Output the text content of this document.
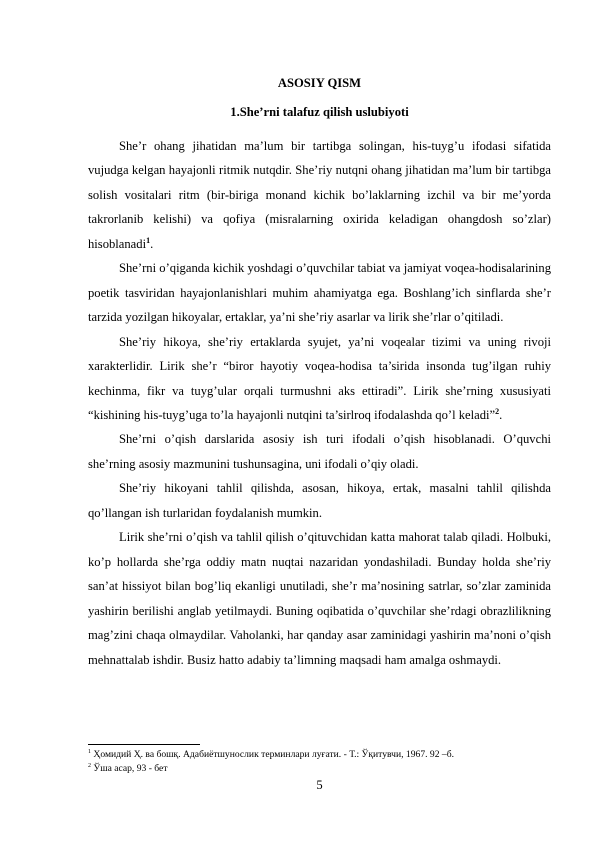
ASOSIY QISM
1.She’rni talafuz qilish uslubiyoti

She’r ohang jihatidan ma’lum bir tartibga solingan, his-tuyg’u ifodasi sifatida vujudga kelgan hayajonli ritmik nutqdir. She’riy nutqni ohang jihatidan ma’lum bir tartibga solish vositalari ritm (bir-biriga monand kichik bo’laklarning izchil va bir me’yorda takrorlanib kelishi) va qofiya (misralarning oxirida keladigan ohangdosh so’zlar) hisoblanadi$^1$.

She’rni o’qiganda kichik yoshdagi o’quvchilar tabiat va jamiyat voqea-hodisalarining poetik tasviridan hayajonlanishlari muhim ahamiyatga ega. Boshlang’ich sinflarda she’r tarzida yozilgan hikoyalar, ertaklar, ya’ni she’riy asarlar va lirik she’rlar o’qitiladi.

She’riy hikoya, she’riy ertaklarda syujet, ya’ni voqealar tizimi va uning rivoji xarakterlidir. Lirik she’r “biror hayotiy voqea-hodisa ta’sirida insonda tug’ilgan ruhiy kechinma, fikr va tuyg’ular orqali turmushni aks ettiradi”. Lirik she’rning xususiyati “kishining his-tuyg’uga to’la hayajonli nutqini ta’sirlroq ifodalashda qo’l keladi”$^2$.

She’rni o’qish darslarida asosiy ish turi ifodali o’qish hisoblanadi. O’quvchi she’rning asosiy mazmunini tushunsagina, uni ifodali o’qiy oladi.

She’riy hikoyani tahlil qilishda, asosan, hikoya, ertak, masalni tahlil qilishda qo’llangan ish turlaridan foydalanish mumkin.

Lirik she’rni o’qish va tahlil qilish o’qituvchidan katta mahorat talab qiladi. Holbuki, ko’p hollarda she’rga oddiy matn nuqtai nazaridan yondashiladi. Bunday holda she’riy san’at hissiyot bilan bog’liq ekanligi unutiladi, she’r ma’nosining satrlar, so’zlar zaminida yashirin berilishi anglab yetilmaydi. Buning oqibatida o’quvchilar she’rdagi obrazlilikning mag’zini chaqa olmaydilar. Vaholanki, har qanday asar zaminidagi yashirin ma’noni o’qish mehnattalab ishdir. Busiz hatto adabiy ta’limning maqsadi ham amalga oshmaydi.

$^1$ Ҳомидий Ҳ. ва бошқ. Адабиётшунослик терминлари луғати. - Т.: Ўқитувчи, 1967. 92 –б.
$^2$ Ўша асар, 93 - бет
5
